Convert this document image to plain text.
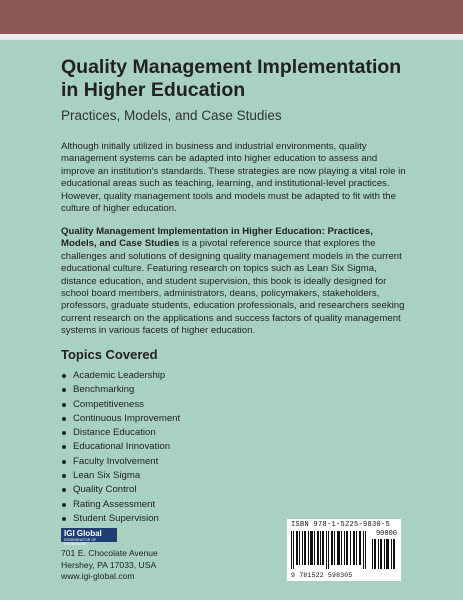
Quality Management Implementation
in Higher Education
Practices, Models, and Case Studies

Although initially utilized in business and industrial environments, quality management systems can be adapted into higher education to assess and improve an institution's standards. These strategies are now playing a vital role in educational areas such as teaching, learning, and institutional-level practices. However, quality management tools and models must be adapted to fit with the culture of higher education.

Quality Management Implementation in Higher Education: Practices, Models, and Case Studies is a pivotal reference source that explores the challenges and solutions of designing quality management models in the current educational culture. Featuring research on topics such as Lean Six Sigma, distance education, and student supervision, this book is ideally designed for school board members, administrators, deans, policymakers, stakeholders, professors, graduate students, education professionals, and researchers seeking current research on the applications and success factors of quality management systems in various facets of higher education.

Topics Covered
Academic Leadership
Benchmarking
Competitiveness
Continuous Improvement
Distance Education
Educational Innovation
Faculty Involvement
Lean Six Sigma
Quality Control
Rating Assessment
Student Supervision
IGI Global
DISSEMINATOR OF KNOWLEDGE
701 E. Chocolate Avenue
Hershey, PA 17033, USA
www.igi-global.com
ISBN 978-1-5225-9830-5
90000
9 781522 598305
